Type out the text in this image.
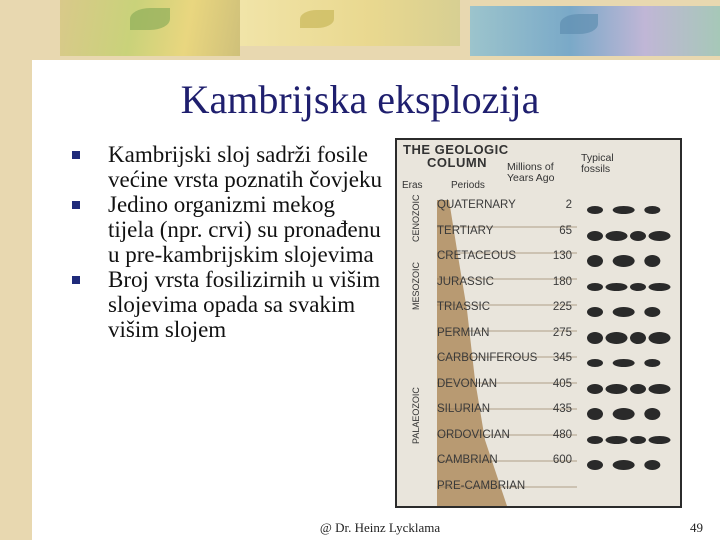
Kambrijska eksplozija
Kambrijski sloj sadrži fosile većine vrsta poznatih čovjeku
Jedino organizmi mekog tijela (npr. crvi) su pronađenu u pre-kambrijskim slojevima
Broj vrsta fosilizirnih u višim slojevima opada sa svakim višim slojem
THE GEOLOGIC
COLUMN	Millions of Years Ago
Typical fossils
Eras	Periods
CENOZOIC
MESOZOIC
PALAEOZOIC
QUATERNARY	2
TERTIARY	65
CRETACEOUS	130
JURASSIC	180
TRIASSIC	225
PERMIAN	275
CARBONIFEROUS 345
DEVONIAN	405
SILURIAN	435
ORDOVICIAN	480
CAMBRIAN	600
PRE-CAMBRIAN
@ Dr. Heinz Lycklama	49
